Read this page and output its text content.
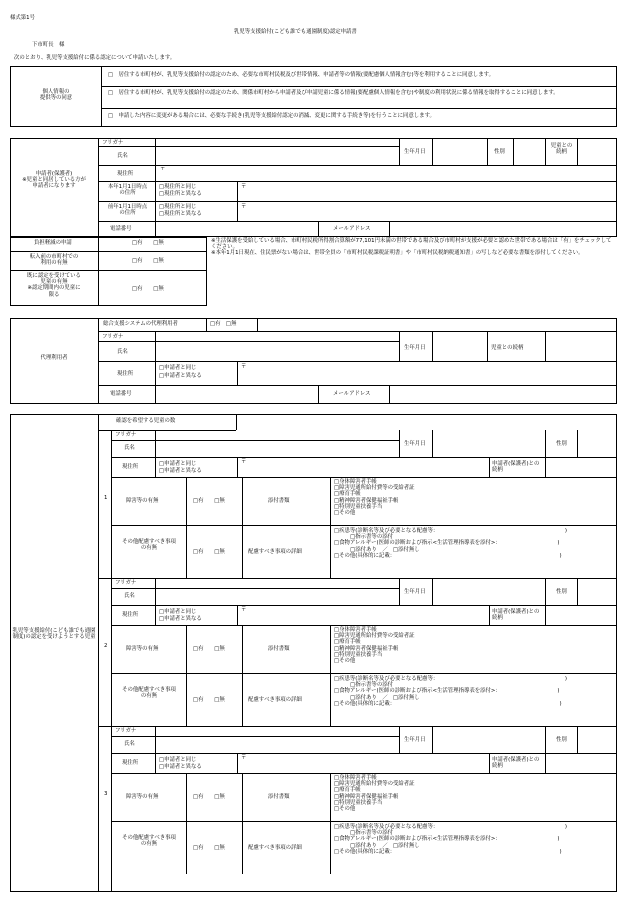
様式第1号
乳児等支援給付(こども誰でも通園制度)認定申請書
下市町長　様
次のとおり、乳児等支援給付に係る認定について申請いたします。
個人情報の
提供等の同意
□　居住する市町村が、乳児等支援給付の認定のため、必要な市町村民税及び世帯情報、申請者等の情報(要配慮個人情報含む)等を利用することに同意します。
□　居住する市町村が、乳児等支援給付の認定のため、関係市町村から申請者及び申請児童に係る情報(要配慮個人情報を含む)や制度の利用状況に係る情報を取得することに同意します。
□　申請した内容に変更がある場合には、必要な手続き(乳児等支援給付認定の消滅、変更に関する手続き等)を行うことに同意します。
申請者(保護者)
※児童と同居している方が
申請者になります
フリガナ
氏名
生年月日	性別
児童との
続柄
現住所
〒
本年1月1日時点
の住所
□現住所と同じ
□現住所と異なる
〒
前年1月1日時点
の住所
□現住所と同じ
□現住所と異なる
〒
電話番号	メールアドレス
負担軽減の申請	□有　　□無
転入前の市町村での
利用の有無	□有　　□無
既に認定を受けている
児童の有無
※認定期間内の児童に
限る
□有　　□無
※生活保護を受給している場合、市町村民税所得割合算額が77,101円未満の世帯である場合及び市町村が支援が必要と認めた世帯である場合は「有」をチェックしてください。
※本年1月1日現在、住民票がない場合は、世帯全員の「市町村民税課税証明書」や「市町村民税納税通知書」の写しなど必要な書類を添付してください。
代理利用者
総合支援システムの代理利用者	□有　□無
フリガナ
氏名
生年月日	児童との続柄
現住所
□申請者と同じ
□申請者と異なる
〒
電話番号	メールアドレス
乳児等支援給付(こども誰でも通園制度)の認定を受けようとする児童
確認を希望する児童の数
1
フリガナ
氏名
生年月日	性別
現住所	□申請者と同じ
□申請者と異なる
〒	申請者(保護者)との続柄
障害等の有無	□有　　□無	添付書類
□身体障害者手帳
□障害児通所給付費等の受給者証
□療育手帳
□精神障害者保健福祉手帳
□特別児童扶養手当
□その他
その他配慮すべき事項
の有無
□有　　□無	配慮すべき事項の詳細
□疾患等(診断名等及び必要となる配慮等：　　　　　　　　　　　　　　　　　　　　　　　　)
　　　□指示書等の添付
□食物アレルギー(医師の診断および指示<生活管理指導表を添付>：　　　　　　　　　　　)
　　　□添付あり　／　□添付無し
□その他(具体的に記載：　　　　　　　　　　　　　　　　　　　　　　　　　　　　　　　)
2
フリガナ
氏名
生年月日	性別
現住所	□申請者と同じ
□申請者と異なる
〒	申請者(保護者)との続柄
障害等の有無	□有　　□無	添付書類
□身体障害者手帳
□障害児通所給付費等の受給者証
□療育手帳
□精神障害者保健福祉手帳
□特別児童扶養手当
□その他
その他配慮すべき事項
の有無
□有　　□無	配慮すべき事項の詳細
□疾患等(診断名等及び必要となる配慮等：　　　　　　　　　　　　　　　　　　　　　　　　)
　　　□指示書等の添付
□食物アレルギー(医師の診断および指示<生活管理指導表を添付>：　　　　　　　　　　　)
　　　□添付あり　／　□添付無し
□その他(具体的に記載：　　　　　　　　　　　　　　　　　　　　　　　　　　　　　　　)
3
フリガナ
氏名
生年月日	性別
現住所	□申請者と同じ
□申請者と異なる
〒	申請者(保護者)との続柄
障害等の有無	□有　　□無	添付書類
□身体障害者手帳
□障害児通所給付費等の受給者証
□療育手帳
□精神障害者保健福祉手帳
□特別児童扶養手当
□その他
その他配慮すべき事項
の有無
□有　　□無	配慮すべき事項の詳細
□疾患等(診断名等及び必要となる配慮等：　　　　　　　　　　　　　　　　　　　　　　　　)
　　　□指示書等の添付
□食物アレルギー(医師の診断および指示<生活管理指導表を添付>：　　　　　　　　　　　)
　　　□添付あり　／　□添付無し
□その他(具体的に記載：　　　　　　　　　　　　　　　　　　　　　　　　　　　　　　　)
